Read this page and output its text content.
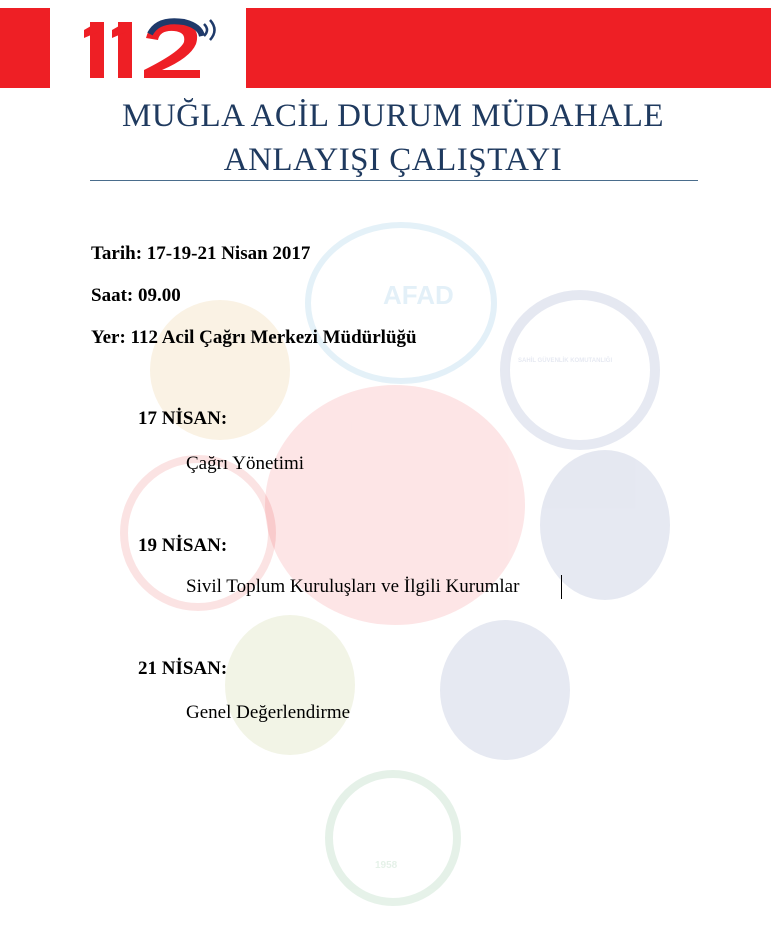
MUĞLA ACİL DURUM MÜDAHALE
ANLAYIŞI ÇALIŞTAYI
AFAD
SAHİL GÜVENLİK KOMUTANLIĞI
ACİL DURUMDA
112	POLİS
1958
Tarih: 17-19-21 Nisan 2017
Saat: 09.00
Yer: 112 Acil Çağrı Merkezi Müdürlüğü
17 NİSAN:
Çağrı Yönetimi
19 NİSAN:
Sivil Toplum Kuruluşları ve İlgili Kurumlar
21 NİSAN:
Genel Değerlendirme
